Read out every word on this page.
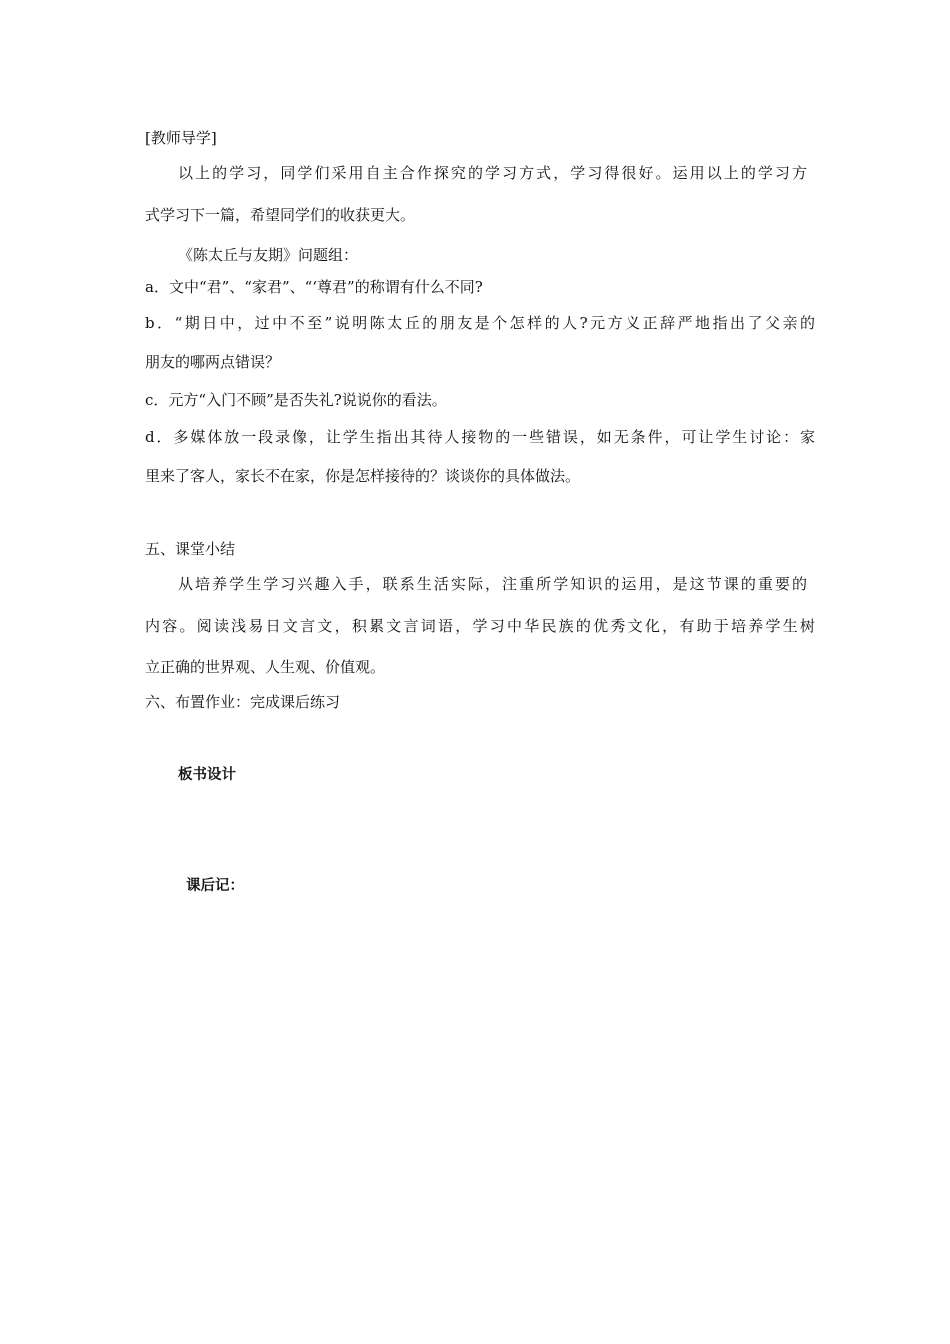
[教师导学]
以上的学习，同学们采用自主合作探究的学习方式，学习得很好。运用以上的学习方
式学习下一篇，希望同学们的收获更大。
《陈太丘与友期》问题组：
a．文中“君”、“家君”、“‘尊君”的称谓有什么不同?
b．“期日中，过中不至”说明陈太丘的朋友是个怎样的人?元方义正辞严地指出了父亲的
朋友的哪两点错误？
c．元方“入门不顾”是否失礼?说说你的看法。
d．多媒体放一段录像，让学生指出其待人接物的一些错误，如无条件，可让学生讨论：家
里来了客人，家长不在家，你是怎样接待的？谈谈你的具体做法。
五、课堂小结
从培养学生学习兴趣入手，联系生活实际，注重所学知识的运用，是这节课的重要的
内容。阅读浅易日文言文，积累文言词语，学习中华民族的优秀文化，有助于培养学生树
立正确的世界观、人生观、价值观。
六、布置作业：完成课后练习
板书设计
课后记：
